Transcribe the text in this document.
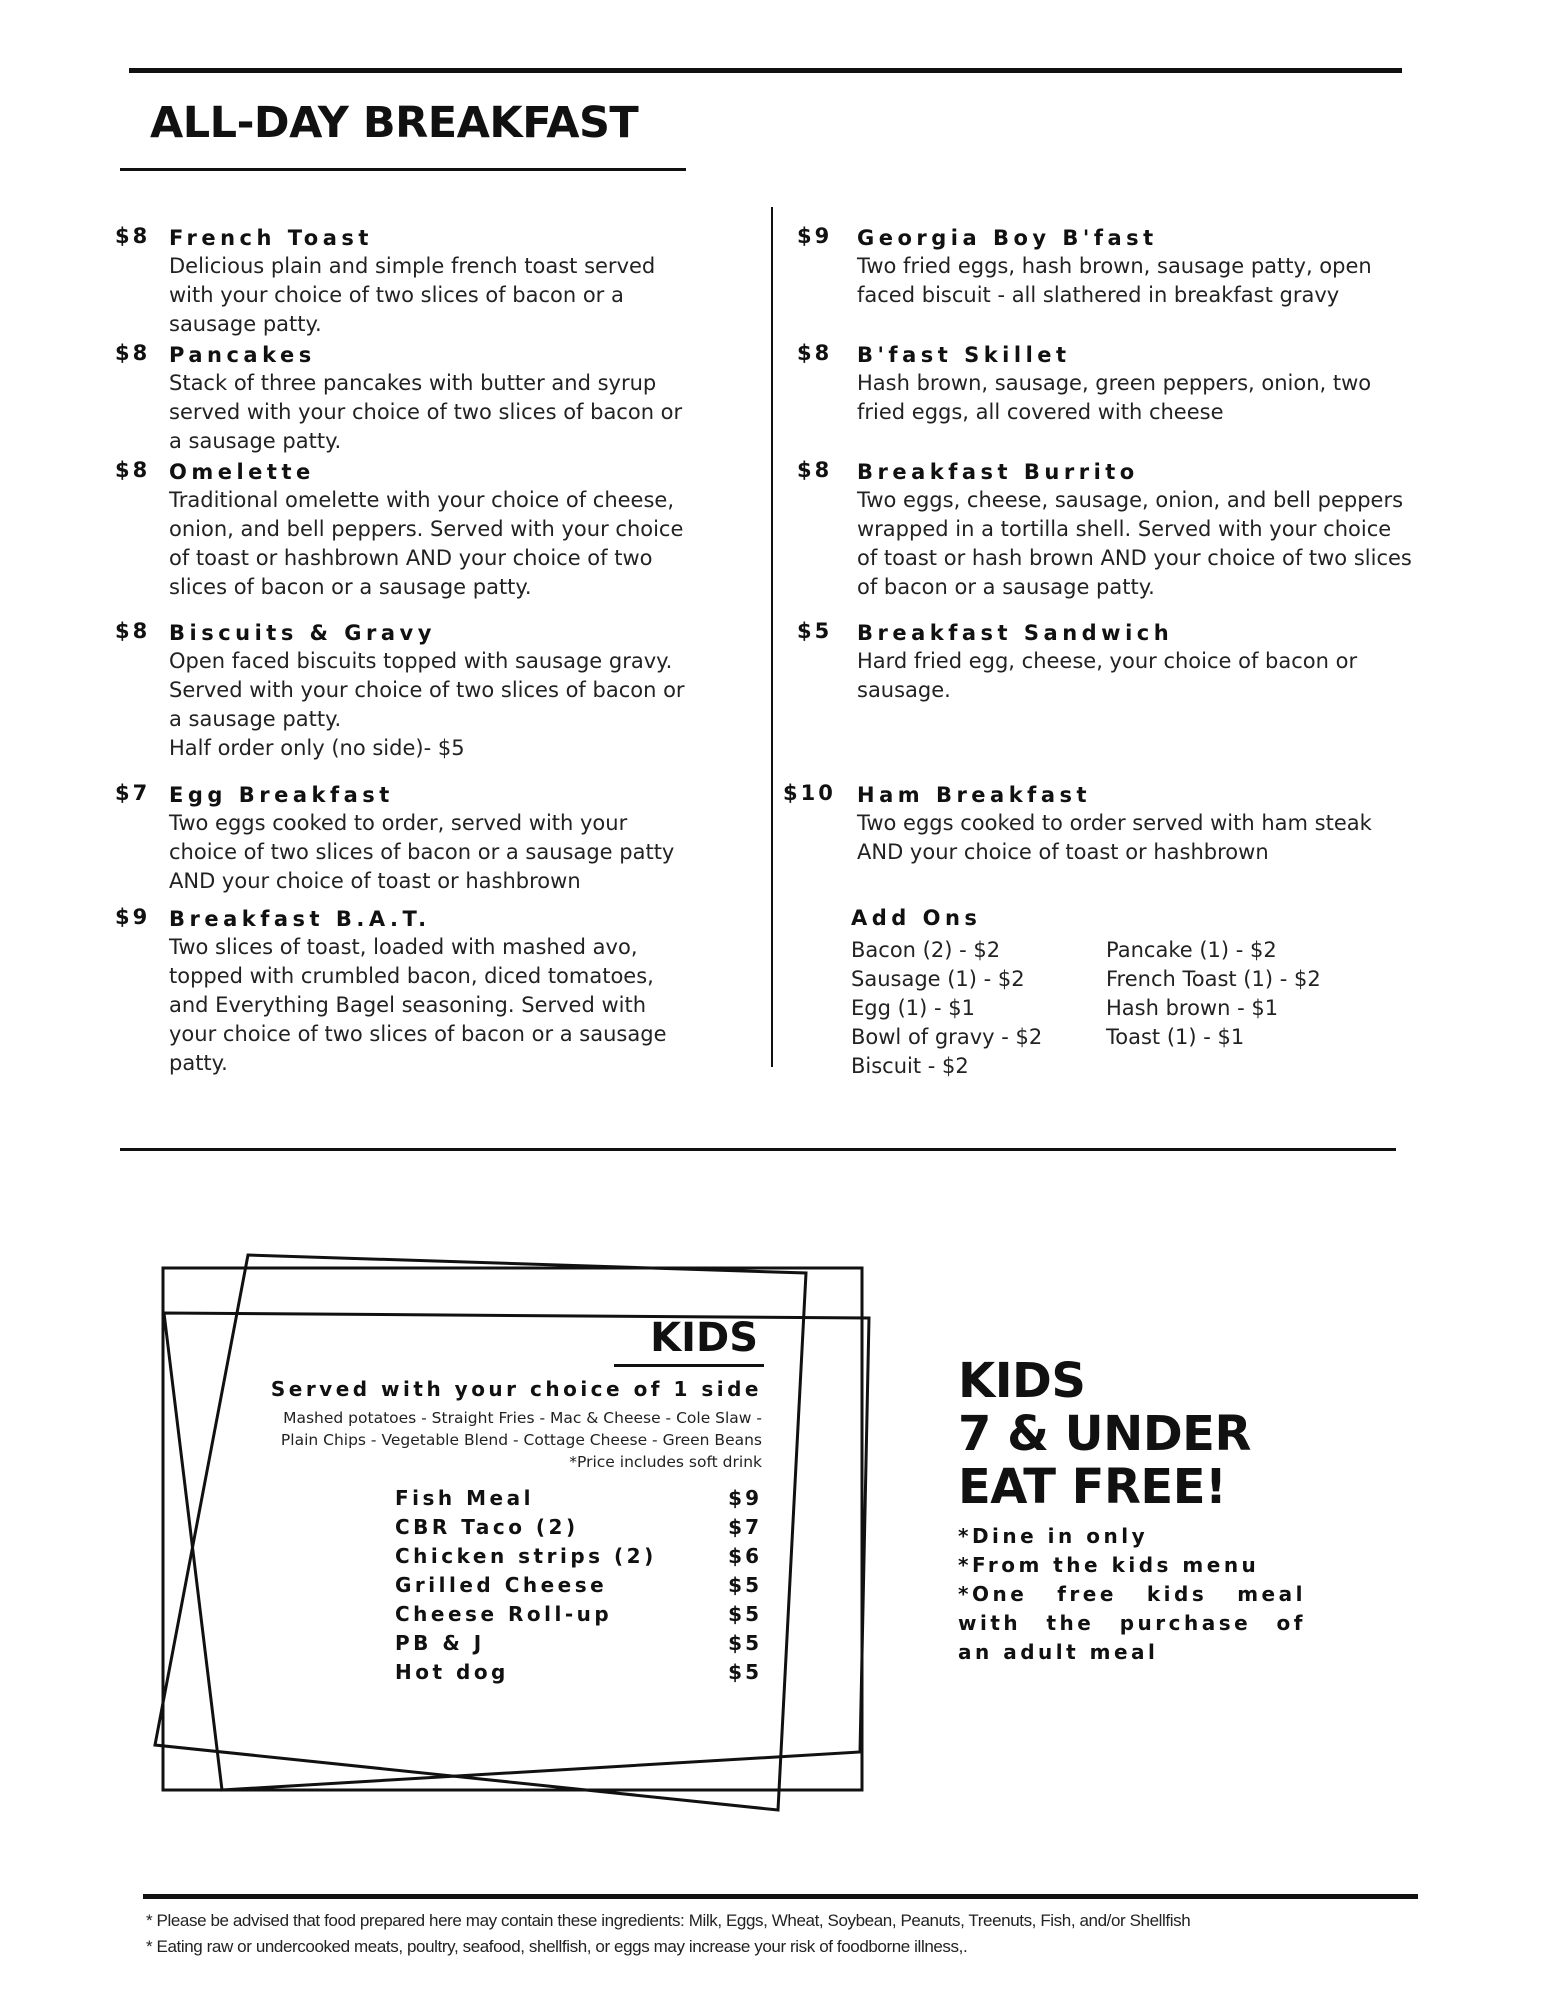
ALL-DAY BREAKFAST
$8 French Toast
Delicious plain and simple french toast served
with your choice of two slices of bacon or a
sausage patty.
$8 Pancakes
Stack of three pancakes with butter and syrup
served with your choice of two slices of bacon or
a sausage patty.
$8 Omelette
Traditional omelette with your choice of cheese,
onion, and bell peppers. Served with your choice
of toast or hashbrown AND your choice of two
slices of bacon or a sausage patty.
$8 Biscuits & Gravy
Open faced biscuits topped with sausage gravy.
Served with your choice of two slices of bacon or
a sausage patty.
Half order only (no side)- $5
$7 Egg Breakfast
Two eggs cooked to order, served with your
choice of two slices of bacon or a sausage patty
AND your choice of toast or hashbrown
$9 Breakfast B.A.T.
Two slices of toast, loaded with mashed avo,
topped with crumbled bacon, diced tomatoes,
and Everything Bagel seasoning. Served with
your choice of two slices of bacon or a sausage
patty.
$9 Georgia Boy B'fast
Two fried eggs, hash brown, sausage patty, open
faced biscuit - all slathered in breakfast gravy
$8 B'fast Skillet
Hash brown, sausage, green peppers, onion, two
fried eggs, all covered with cheese
$8 Breakfast Burrito
Two eggs, cheese, sausage, onion, and bell peppers
wrapped in a tortilla shell. Served with your choice
of toast or hash brown AND your choice of two slices
of bacon or a sausage patty.
$5 Breakfast Sandwich
Hard fried egg, cheese, your choice of bacon or
sausage.
$10 Ham Breakfast
Two eggs cooked to order served with ham steak
AND your choice of toast or hashbrown
Add Ons
Bacon (2) - $2
Sausage (1) - $2
Egg (1) - $1
Bowl of gravy - $2
Biscuit - $2
Pancake (1) - $2
French Toast (1) - $2
Hash brown - $1
Toast (1) - $1
KIDS
Served with your choice of 1 side
Mashed potatoes - Straight Fries - Mac & Cheese - Cole Slaw -
Plain Chips - Vegetable Blend - Cottage Cheese - Green Beans
*Price includes soft drink
Fish Meal	$9
CBR Taco (2)	$7
Chicken strips (2)	$6
Grilled Cheese	$5
Cheese Roll-up	$5
PB & J	$5
Hot dog	$5
KIDS
7 & UNDER
EAT FREE!
*Dine in only
*From the kids menu
*One free kids meal
with the purchase of
an adult meal
* Please be advised that food prepared here may contain these ingredients: Milk, Eggs, Wheat, Soybean, Peanuts, Treenuts, Fish, and/or Shellfish
* Eating raw or undercooked meats, poultry, seafood, shellfish, or eggs may increase your risk of foodborne illness,.
